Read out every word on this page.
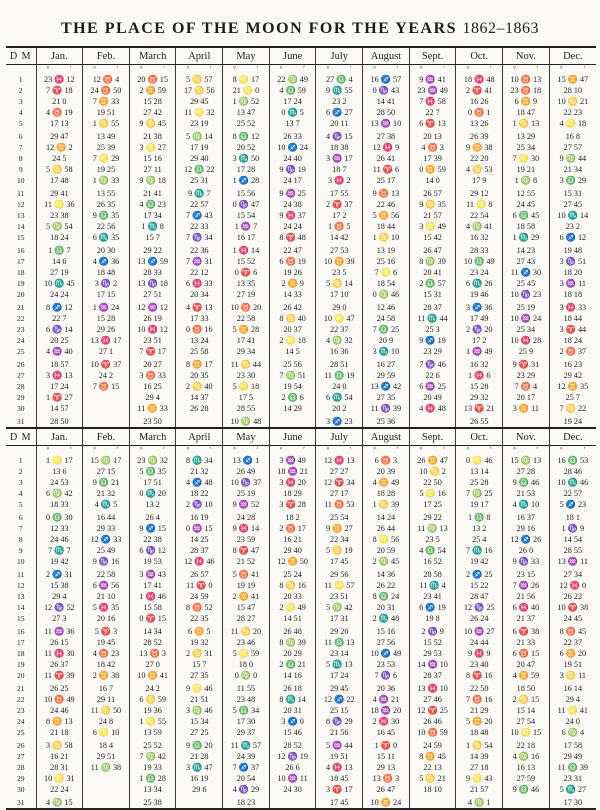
THE PLACE OF THE MOON FOR THE YEARS 1862–1863
D M	Jan.	Feb.	March	April	May	June	July	August	Sept.	Oct.	Nov.	Dec.
	° ′	° ′	° ′	° ′	° ′	° ′	° ′	° ′	° ′	° ′	° ′	° ′
1	23 ♓ 12	12 ♉ 4	20 ♉ 15	5 ♋ 57	8 ♌ 17	22 ♍ 49	27 ♎ 4	16 ♐ 57	9 ♒ 41	18 ♓ 48	10 ♉ 13	15 ♊ 47
2	7 ♈ 18	24 ♉ 50	2 ♊ 59	17 ♋ 56	21 ♌ 0	4 ♎ 59	9 ♏ 55	0 ♑ 43	23 ♒ 49	2 ♈ 41	23 ♉ 18	28 10
3	21 0	7 ♊ 33	15 28	29 45	1 ♍ 52	17 24	23 2	14 41	7 ♓ 58	16 26	6 ♊ 9	10 ♋ 21
4	4 ♉ 19	19 51	27 42	11 ♌ 32	13 47	0 ♏ 5	6 ♐ 27	28 50	22 7	0 ♉ 1	18 47	22 23
5	17 13	1 ♋ 55	9 ♋ 45	23 19	25 52	13 7	20 11	13 ♒ 10	6 ♈ 13	13 26	1 ♋ 13	4 ♌ 18
6	29 47	13 49	21 38	5 ♍ 14	8 ♎ 12	26 33	4 ♑ 15	27 38	20 13	26 39	13 29	16 8
7	12 ♊ 2	25 39	3 ♌ 27	17 19	20 52	10 ♐ 24	18 38	12 ♓ 9	4 ♉ 3	9 ♊ 38	25 34	27 57
8	24 5	7 ♌ 29	15 16	29 40	3 ♏ 50	24 40	3 ♒ 17	26 41	17 39	22 20	7 ♌ 30	9 ♍ 44
9	5 ♋ 58	19 25	27 11	12 ♎ 22	17 28	9 ♑ 19	18 7	11 ♈ 6	0 ♊ 59	4 ♋ 53	19 21	21 34
10	17 48	1 ♍ 33	9 ♍ 18	25 31	1 ♐ 28	24 17	3 ♓ 2	25 17	14 0	17 9	1 ♍ 8	3 ♎ 29
11	29 41	13 55	21 41	9 ♏ 7	15 56	9 ♒ 25	17 55	9 ♉ 13	26 57	29 12	12 55	15 31
12	11 ♌ 36	26 35	4 ♎ 23	22 57	0 ♑ 47	24 38	2 ♈ 37	22 46	9 ♋ 35	11 ♌ 8	24 45	27 45
13	23 38	9 ♎ 35	17 34	7 ♐ 43	15 54	9 ♓ 37	17 2	5 ♊ 56	21 57	22 54	6 ♎ 45	10 ♏ 14
14	5 ♍ 54	22 56	1 ♏ 8	22 33	1 ♒ 7	24 24	1 ♉ 5	18 44	3 ♌ 49	4 ♍ 41	18 58	23 2
15	18 24	6 ♏ 35	15 7	7 ♑ 34	16 17	8 ♈ 48	14 42	1 ♋ 10	15 42	16 32	1 ♏ 29	6 ♐ 12
16	1 ♎ 7	20 30	29 22	22 36	1 ♓ 14	22 47	27 53	13 19	26 47	28 33	14 23	19 48
17	14 6	4 ♐ 36	13 ♐ 59	7 ♒ 31	15 52	6 ♉ 19	10 ♊ 39	25 16	8 ♍ 39	10 ♎ 49	27 43	3 ♑ 51
18	27 19	18 48	28 33	22 12	0 ♈ 6	19 26	23 5	7 ♌ 6	20 41	23 24	11 ♐ 30	18 20
19	10 ♏ 45	3 ♑ 2	13 ♑ 18	6 ♓ 33	13 35	2 ♊ 9	5 ♋ 14	18 54	2 ♎ 57	6 ♏ 26	25 45	3 ♒ 11
20	24 24	17 15	27 51	20 34	27 19	14 33	17 10	0 ♍ 46	15 31	19 46	10 ♑ 23	18 18
21	8 ♐ 12	1 ♒ 24	12 ♒ 12	4 ♈ 13	10 ♉ 20	26 42	29 0	12 46	28 37	3 ♐ 36	25 19	3 ♓ 33
22	22 7	15 28	26 19	17 33	22 58	8 ♋ 40	10 ♌ 47	24 58	11 ♏ 44	17 49	10 ♒ 24	18 44
23	6 ♑ 14	29 26	10 ♓ 12	0 ♉ 16	5 ♊ 28	20 37	22 37	7 ♎ 25	25 3	2 ♑ 20	25 34	3 ♈ 44
24	20 25	13 ♓ 17	23 51	13 24	17 41	2 ♌ 18	4 ♍ 32	20 9	9 ♐ 19	17 2	10 ♓ 28	18 24
25	4 ♒ 40	27 1	7 ♈ 17	25 58	29 34	14 5	16 36	3 ♏ 10	23 29	1 ♒ 49	25 9	2 ♉ 37
26	18 57	10 ♈ 37	20 27	8 ♊ 17	11 ♋ 44	25 56	28 51	16 27	7 ♑ 46	16 32	9 ♈ 31	16 23
27	3 ♓ 13	24 2	3 ♉ 33	20 35	23 30	7 ♍ 51	11 ♎ 19	29 59	22 6	1 ♓ 6	23 29	29 42
28	17 24	7 ♉ 15	16 25	2 ♋ 40	5 ♌ 18	19 54	24 0	13 ♐ 42	6 ♒ 25	15 28	7 ♉ 4	12 ♊ 35
29	1 ♈ 27		29 4	14 37	17 5	2 ♎ 6	6 ♏ 54	27 35	20 49	29 32	20 17	25 7
30	14 57		11 ♊ 33	26 28	28 55	14 29	20 2	11 ♑ 39	4 ♓ 48	13 ♈ 21	3 ♊ 11	7 ♋ 22
31	28 50		23 50		10 ♍ 48		3 ♐ 23	25 36		26 55		19 24
D M	Jan.	Feb.	March	April	May	June	July	August	Sept.	Oct.	Nov.	Dec.
	° ′	° ′	° ′	° ′	° ′	° ′	° ′	° ′	° ′	° ′	° ′	° ′
1	1 ♌ 17	15 ♍ 17	23 ♍ 32	8 ♏ 34	13 ♐ 1	3 ♒ 49	12 ♓ 13	6 ♉ 3	26 ♊ 47	0 ♌ 46	15 ♍ 13	16 ♎ 53
2	13 6	27 15	5 ♎ 35	21 32	26 49	18 ♒ 21	27 27	20 39	10 ♋ 2	13 14	27 28	28 46
3	24 53	9 ♎ 21	17 51	4 ♐ 48	10 ♑ 37	3 ♓ 20	12 ♈ 34	4 ♊ 49	22 50	25 28	9 ♎ 46	10 ♏ 46
4	6 ♍ 42	21 32	0 ♏ 20	18 22	25 19	18 29	27 17	18 28	5 ♌ 16	7 ♍ 25	21 53	22 57
5	18 33	4 ♏ 5	13 2	2 ♑ 10	9 ♒ 52	3 ♈ 28	11 ♉ 53	1 ♋ 39	17 25	19 17	4 ♏ 10	5 ♐ 23
6	0 ♎ 30	16 44	26 4	16 19	24 28	18 2	25 54	14 24	29 22	1 ♎ 8	16 37	18 1
7	12 33	29 33	9 ♐ 15	0 ♒ 15	9 ♓ 14	2 ♉ 17	9 ♊ 27	26 44	11 ♍ 13	13 2	29 16	1 ♑ 9
8	24 46	12 ♐ 33	22 38	14 25	23 59	16 21	22 34	8 ♌ 56	23 5	25 4	12 ♐ 26	14 54
9	7 ♏ 7	25 49	6 ♑ 12	28 37	8 ♈ 47	29 40	5 ♋ 19	20 59	4 ♎ 54	7 ♏ 16	26 0	28 55
10	19 42	9 ♑ 16	19 53	12 ♓ 46	21 52	12 ♊ 50	17 45	2 ♍ 45	16 52	19 42	9 ♑ 33	13 ♒ 11
11	2 ♐ 31	22 58	3 ♒ 43	26 57	5 ♉ 41	25 24	29 56	14 36	28 58	2 ♐ 25	23 15	27 34
12	15 38	6 ♒ 56	17 41	11 ♈ 0	19 19	8 ♋ 16	11 ♌ 57	26 22	11 ♏ 4	15 22	7 ♒ 26	12 ♓ 0
13	29 4	21 10	1 ♓ 46	24 59	2 ♊ 41	20 33	23 51	8 ♎ 24	23 41	28 47	21 56	26 22
14	12 ♑ 52	5 ♓ 35	15 58	8 ♉ 52	15 47	2 ♌ 49	5 ♍ 42	20 31	6 ♐ 19	12 ♑ 25	6 ♓ 40	10 ♈ 38
15	27 3	20 16	0 ♈ 15	22 35	28 27	14 51	17 31	2 ♏ 48	19 8	26 24	21 37	24 45
16	11 ♒ 36	5 ♈ 3	14 34	6 ♊ 5	11 ♋ 20	26 48	29 20	15 16	2 ♑ 9	10 ♒ 27	6 ♈ 38	8 ♉ 45
17	26 15	19 45	28 52	19 32	23 46	8 ♍ 39	11 ♎ 13	27 56	15 52	24 44	21 33	22 37
18	11 ♓ 30	4 ♉ 23	13 ♉ 3	2 ♋ 31	5 ♌ 59	20 29	23 14	10 ♐ 49	29 53	9 ♓ 9	6 ♉ 15	6 ♊ 20
19	26 37	18 42	27 0	15 7	18 0	2 ♎ 21	5 ♏ 13	23 53	14 ♒ 10	23 40	20 47	19 51
20	11 ♈ 39	2 ♊ 38	10 ♊ 41	27 35	0 ♍ 0	14 16	17 24	7 ♑ 6	28 37	8 ♈ 16	4 ♊ 59	3 ♋ 11
21	26 25	16 7	24 2	9 ♌ 46	11 55	26 18	29 45	20 36	13 ♓ 10	22 50	18 50	16 14
22	10 ♉ 49	29 11	6 ♋ 59	21 51	23 48	8 ♏ 14	12 ♐ 22	4 ♒ 21	27 46	7 ♉ 16	2 ♋ 15	29 4
23	24 46	11 ♋ 50	19 36	3 ♍ 46	5 ♎ 34	20 31	25 15	18 ♒ 20	12 ♈ 25	21 29	15 14	11 ♌ 41
24	8 ♊ 13	24 8	1 ♌ 55	15 34	17 30	3 ♐ 0	8 ♑ 29	2 ♓ 30	26 46	5 ♊ 20	27 54	24 0
25	21 18	6 ♌ 10	13 59	27 25	29 37	15 46	21 56	16 45	10 ♉ 59	18 48	10 ♌ 15	6 ♍ 4
26	3 ♋ 58	18 4	25 52	9 ♎ 20	11 ♏ 57	28 52	5 ♒ 44	1 ♈ 0	24 59	1 ♋ 54	22 18	17 58
27	16 21	29 51	7 ♍ 42	21 28	24 39	12 ♑ 19	19 51	15 11	8 ♊ 45	14 39	4 ♍ 16	29 49
28	28 31	11 ♍ 38	19 33	3 ♏ 47	7 ♐ 37	26 6	4 ♓ 13	29 13	22 13	27 18	16 13	11 ♎ 39
29	10 ♌ 31		1 ♎ 28	16 19	20 54	10 ♒ 11	18 45	13 ♉ 3	5 ♋ 21	9 ♌ 43	27 59	23 31
30	22 24		13 34	29 6	4 ♑ 29	24 30	3 ♈ 17	26 47	18 10	21 57	9 ♎ 46	5 ♏ 27
31	4 ♍ 15		25 38		18 23		17 45	10 ♊ 24		4 ♍ 1		17 30
